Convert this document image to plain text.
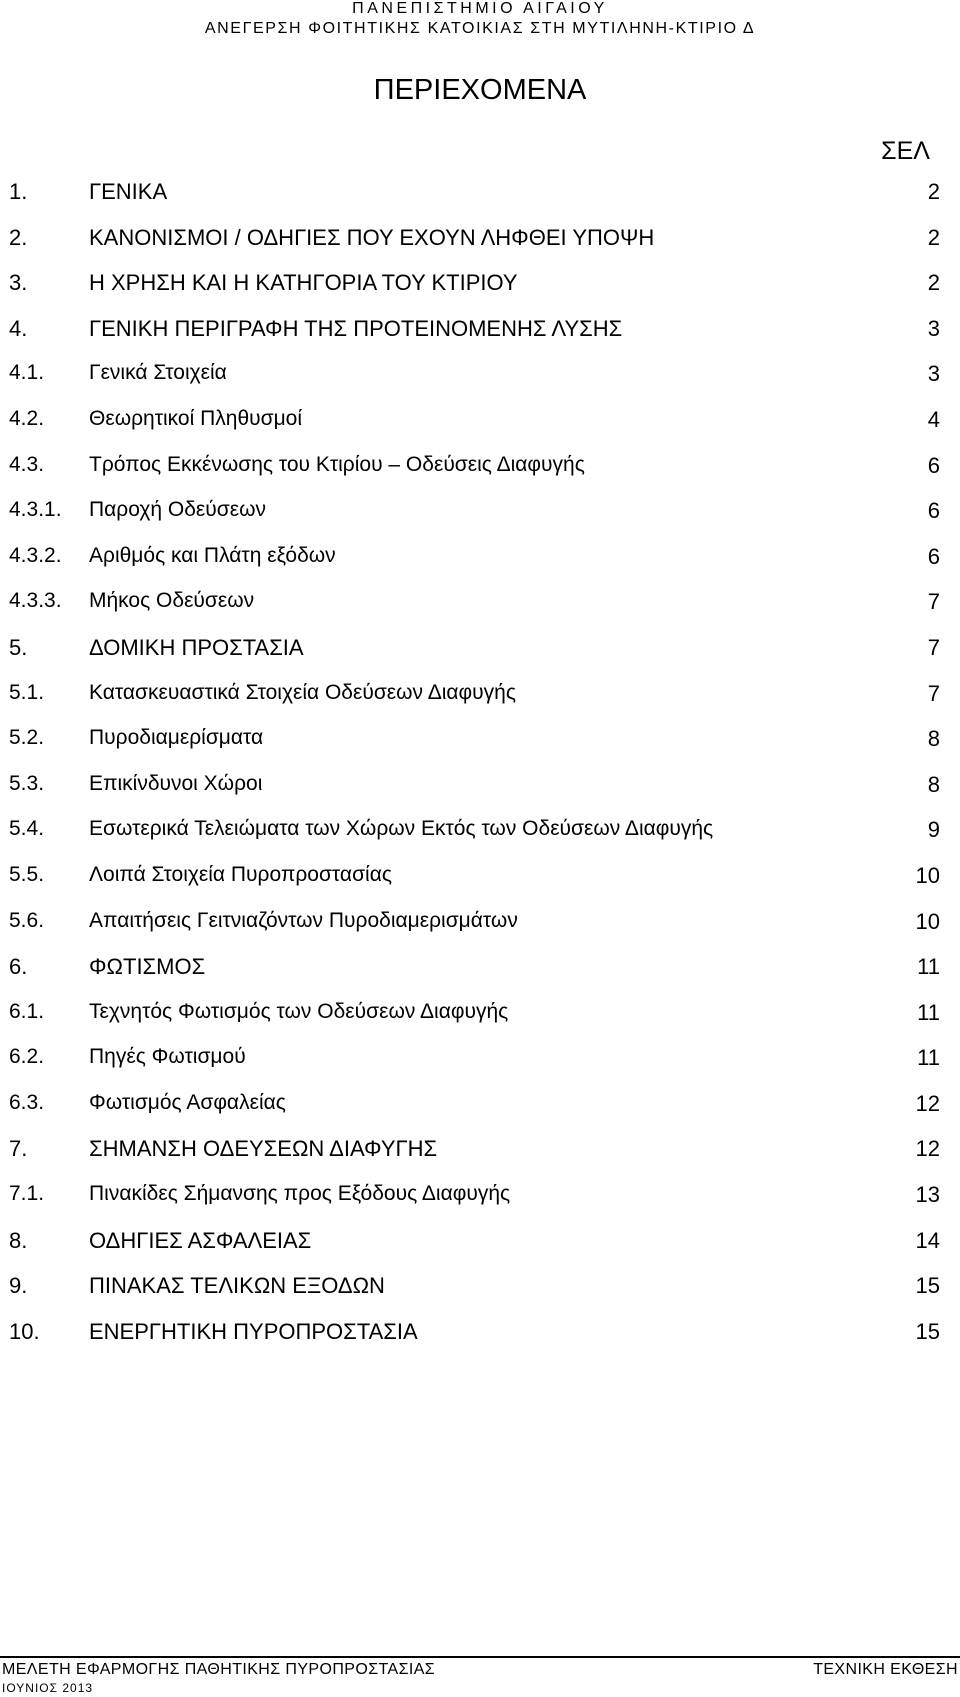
ΠΑΝΕΠΙΣΤΗΜΙΟ ΑΙΓΑΙΟΥ
ΑΝΕΓΕΡΣΗ ΦΟΙΤΗΤΙΚΗΣ ΚΑΤΟΙΚΙΑΣ ΣΤΗ ΜΥΤΙΛΗΝΗ-ΚΤΙΡΙΟ Δ
ΠΕΡΙΕΧΟΜΕΝΑ
ΣΕΛ
1.	ΓΕΝΙΚΑ	2
2.	ΚΑΝΟΝΙΣΜΟΙ / ΟΔΗΓΙΕΣ ΠΟΥ ΕΧΟΥΝ ΛΗΦΘΕΙ ΥΠΟΨΗ	2
3.	Η ΧΡΗΣΗ ΚΑΙ Η ΚΑΤΗΓΟΡΙΑ ΤΟΥ ΚΤΙΡΙΟΥ	2
4.	ΓΕΝΙΚΗ ΠΕΡΙΓΡΑΦΗ ΤΗΣ ΠΡΟΤΕΙΝΟΜΕΝΗΣ ΛΥΣΗΣ	3
4.1. Γενικά Στοιχεία	3
4.2. Θεωρητικοί Πληθυσμοί	4
4.3. Τρόπος Εκκένωσης του Κτιρίου – Οδεύσεις Διαφυγής	6
4.3.1. Παροχή Οδεύσεων	6
4.3.2. Αριθμός και Πλάτη εξόδων	6
4.3.3. Μήκος Οδεύσεων	7
5.	ΔΟΜΙΚΗ ΠΡΟΣΤΑΣΙΑ	7
5.1. Κατασκευαστικά Στοιχεία Οδεύσεων Διαφυγής	7
5.2. Πυροδιαμερίσματα	8
5.3. Επικίνδυνοι Χώροι	8
5.4. Εσωτερικά Τελειώματα των Χώρων Εκτός των Οδεύσεων Διαφυγής	9
5.5. Λοιπά Στοιχεία Πυροπροστασίας	10
5.6. Απαιτήσεις Γειτνιαζόντων Πυροδιαμερισμάτων	10
6.	ΦΩΤΙΣΜΟΣ	11
6.1. Τεχνητός Φωτισμός των Οδεύσεων Διαφυγής	11
6.2. Πηγές Φωτισμού	11
6.3. Φωτισμός Ασφαλείας	12
7.	ΣΗΜΑΝΣΗ ΟΔΕΥΣΕΩΝ ΔΙΑΦΥΓΗΣ	12
7.1. Πινακίδες Σήμανσης προς Εξόδους Διαφυγής	13
8.	ΟΔΗΓΙΕΣ ΑΣΦΑΛΕΙΑΣ	14
9.	ΠΙΝΑΚΑΣ ΤΕΛΙΚΩΝ ΕΞΟΔΩΝ	15
10. ΕΝΕΡΓΗΤΙΚΗ ΠΥΡΟΠΡΟΣΤΑΣΙΑ	15
ΜΕΛΕΤΗ ΕΦΑΡΜΟΓΗΣ ΠΑΘΗΤΙΚΗΣ ΠΥΡΟΠΡΟΣΤΑΣΙΑΣ	ΤΕΧΝΙΚΗ ΕΚΘΕΣΗ
ΙΟΥΝΙΟΣ 2013
